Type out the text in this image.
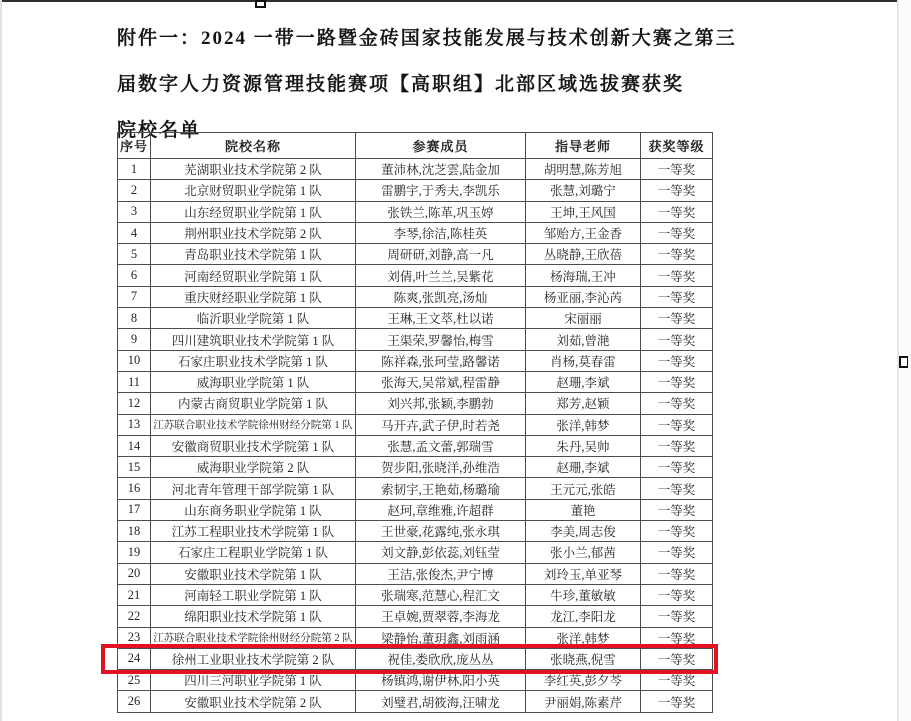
附件一：2024 一带一路暨金砖国家技能发展与技术创新大赛之第三
届数字人力资源管理技能赛项【高职组】北部区域选拔赛获奖
院校名单
序号	院校名称	参赛成员	指导老师	获奖等级
1	芜湖职业技术学院第 2 队	董沛林,沈芝雲,陆金加	胡明慧,陈芳旭	一等奖
2	北京财贸职业学院第 1 队	雷鹏宇,于秀夫,李凯乐	张慧,刘璐宁	一等奖
3	山东经贸职业学院第 1 队	张铁兰,陈革,巩玉婷	王坤,王风国	一等奖
4	荆州职业技术学院第 2 队	李琴,徐洁,陈桂英	邹贻方,王金香	一等奖
5	青岛职业技术学院第 1 队	周研研,刘静,高一凡	丛晓静,王欣蓓	一等奖
6	河南经贸职业学院第 1 队	刘倩,叶兰兰,吴紫花	杨海瑞,王冲	一等奖
7	重庆财经职业学院第 1 队	陈爽,张凯亮,汤灿	杨亚丽,李沁芮	一等奖
8	临沂职业学院第 1 队	王琳,王文萃,杜以诺	宋丽丽	一等奖
9	四川建筑职业技术学院第 1 队	王渠荣,罗馨怡,梅雪	刘茹,曾滟	一等奖
10	石家庄职业技术学院第 1 队	陈祥森,张珂莹,路馨诺	肖杨,莫春雷	一等奖
11	威海职业学院第 1 队	张海天,吴常斌,程雷静	赵珊,李斌	一等奖
12	内蒙古商贸职业学院第 1 队	刘兴邦,张颖,李鹏勃	郑芳,赵颖	一等奖
13	江苏联合职业技术学院徐州财经分院第 1 队	马开卉,武子伊,时若尧	张洋,韩梦	一等奖
14	安徽商贸职业技术学院第 1 队	张慧,孟文蕾,郭瑞雪	朱丹,吴帅	一等奖
15	威海职业学院第 2 队	贺步阳,张晓洋,孙维浩	赵珊,李斌	一等奖
16	河北青年管理干部学院第 1 队	索韧宇,王艳茹,杨璐瑜	王元元,张皓	一等奖
17	山东商务职业学院第 1 队	赵珂,章维雅,许超群	董艳	一等奖
18	江苏工程职业技术学院第 1 队	王世豪,花露纯,张永琪	李美,周志俊	一等奖
19	石家庄工程职业学院第 1 队	刘文静,彭依蕊,刘钰莹	张小兰,郁茜	一等奖
20	安徽职业技术学院第 1 队	王洁,张俊杰,尹宁博	刘玲玉,单亚琴	一等奖
21	河南轻工职业学院第 1 队	张瑞寒,范慧心,程汇文	牛珍,董敏敏	一等奖
22	绵阳职业技术学院第 1 队	王卓婉,贾翠蓉,李海龙	龙江,李阳龙	一等奖
23	江苏联合职业技术学院徐州财经分院第 2 队	梁静怡,董玥鑫,刘雨涵	张洋,韩梦	一等奖
24	徐州工业职业技术学院第 2 队	祝佳,娄欣欣,庞丛丛	张晓燕,倪雪	一等奖
25	四川三河职业学院第 1 队	杨镇鸿,谢伊林,阳小英	李红英,彭夕芩	一等奖
26	安徽职业技术学院第 2 队	刘璧君,胡筱海,汪啸龙	尹丽娟,陈素芹	一等奖
